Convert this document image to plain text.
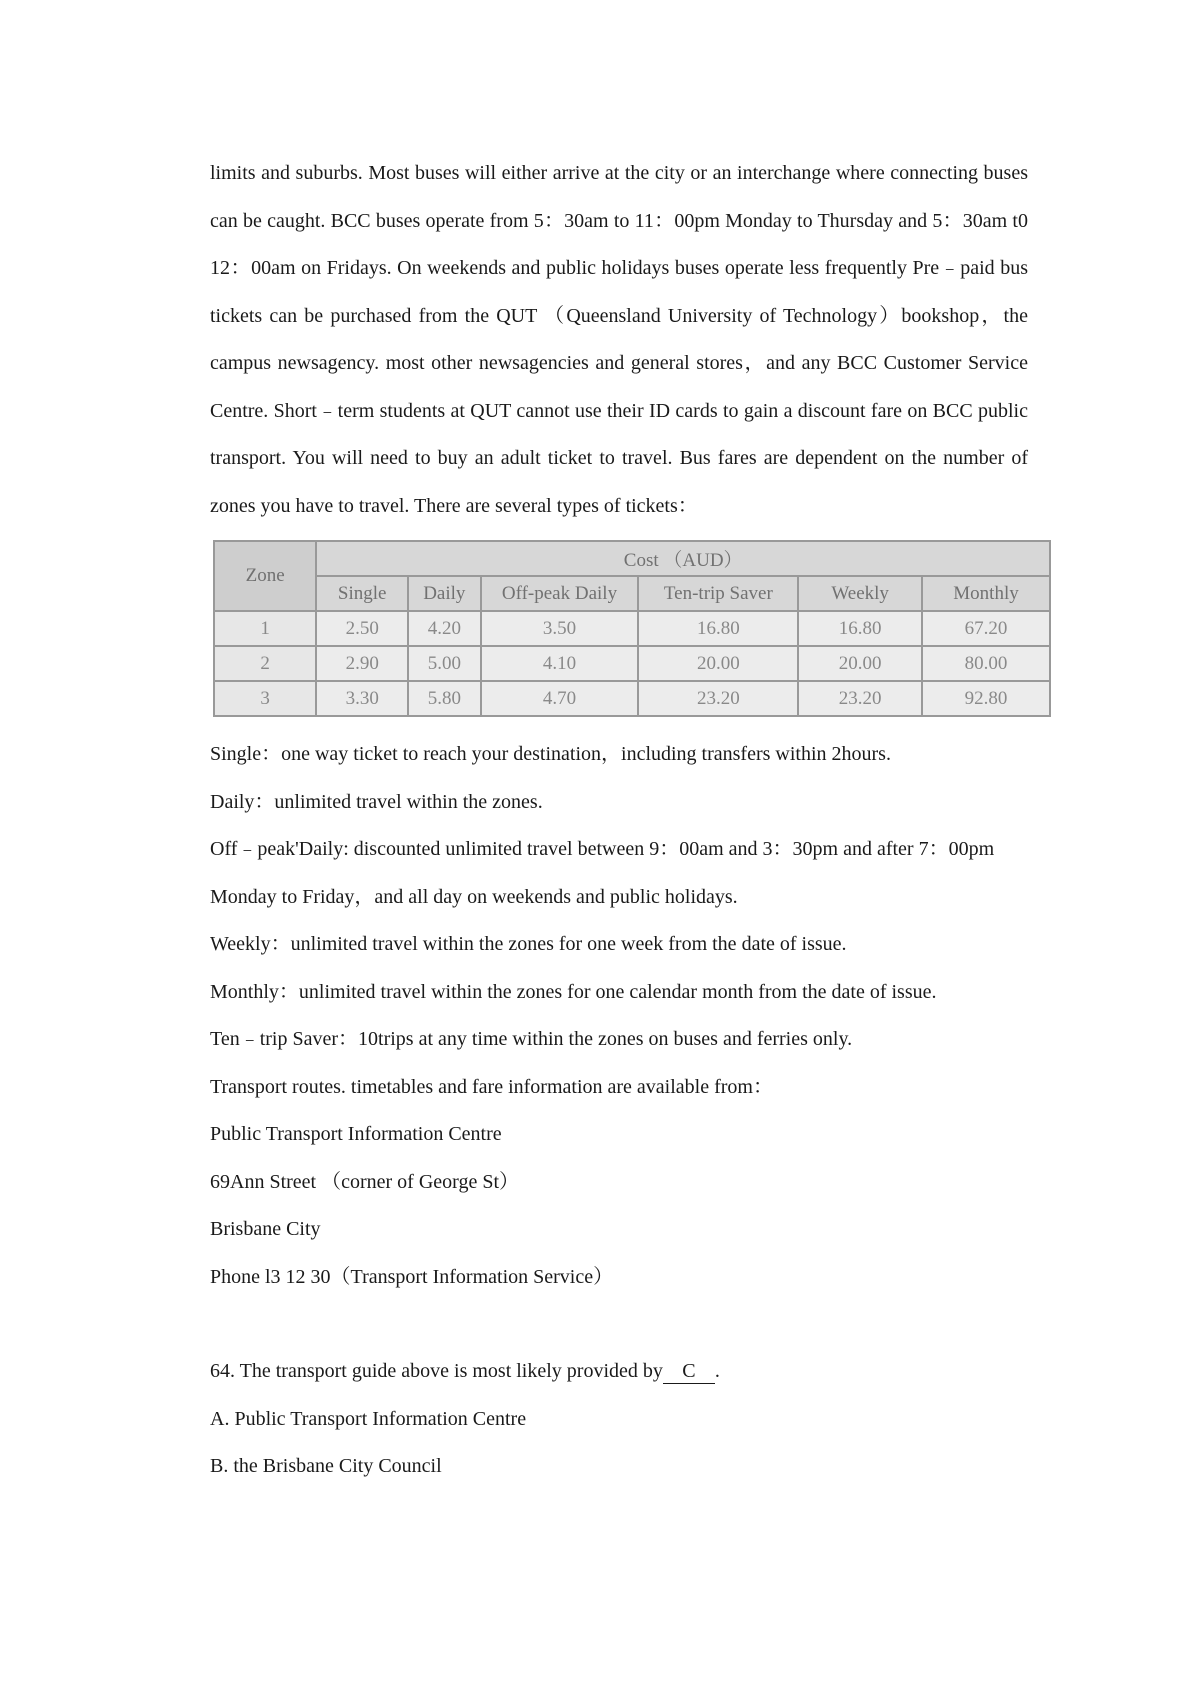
limits and suburbs. Most buses will either arrive at the city or an interchange where connecting buses can be caught. BCC buses operate from 5：30am to 11：00pm Monday to Thursday and 5：30am t0 12：00am on Fridays. On weekends and public holidays buses operate less frequently Pre﹣paid bus tickets can be purchased from the QUT （Queensland University of Technology）bookshop，the campus newsagency. most other newsagencies and general stores，and any BCC Customer Service Centre. Short﹣term students at QUT cannot use their ID cards to gain a discount fare on BCC public transport. You will need to buy an adult ticket to travel. Bus fares are dependent on the number of zones you have to travel. There are several types of tickets：

Zone	Cost （AUD）					
	Single	Daily	Off-peak Daily	Ten-trip Saver	Weekly	Monthly
1	2.50	4.20	3.50	16.80	16.80	67.20
2	2.90	5.00	4.10	20.00	20.00	80.00
3	3.30	5.80	4.70	23.20	23.20	92.80

Single：one way ticket to reach your destination，including transfers within 2hours.

Daily：unlimited travel within the zones.

Off﹣peak'Daily: discounted unlimited travel between 9：00am and 3：30pm and after 7：00pm

Monday to Friday，and all day on weekends and public holidays.

Weekly：unlimited travel within the zones for one week from the date of issue.

Monthly：unlimited travel within the zones for one calendar month from the date of issue.

Ten﹣trip Saver：10trips at any time within the zones on buses and ferries only.

Transport routes. timetables and fare information are available from：

Public Transport Information Centre

69Ann Street （corner of George St）

Brisbane City

Phone l3 12 30（Transport Information Service）

64. The transport guide above is most likely provided by C .

A. Public Transport Information Centre

B. the Brisbane City Council
